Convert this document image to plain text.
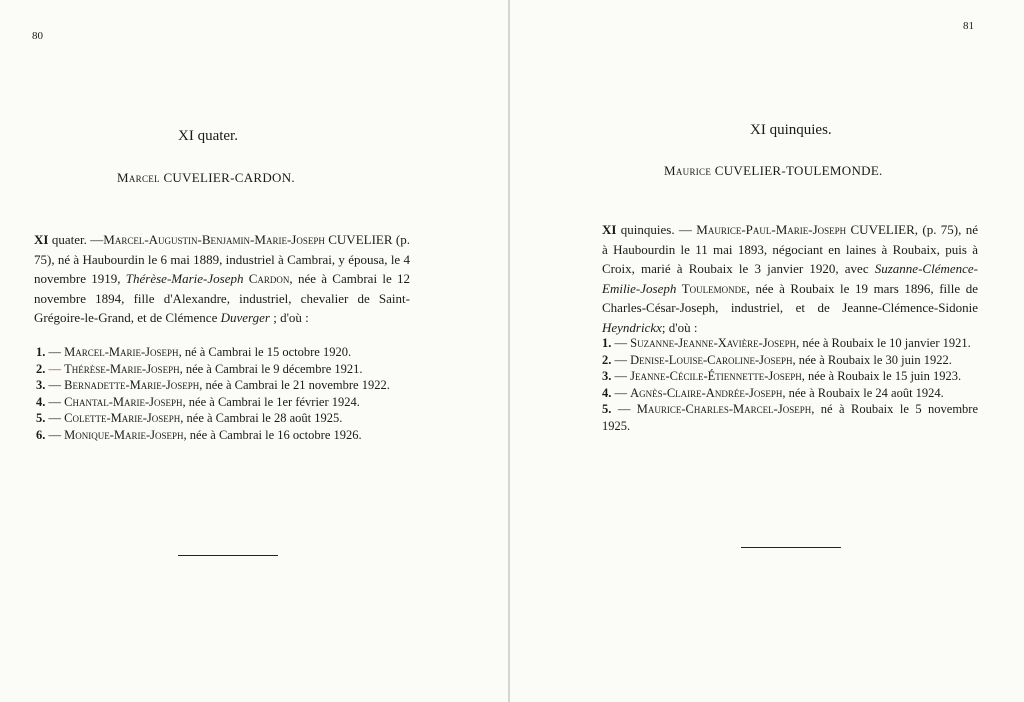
80
XI quater.
Marcel CUVELIER-CARDON.
XI quater. —Marcel-Augustin-Benjamin-Marie-Joseph CUVELIER (p. 75), né à Haubourdin le 6 mai 1889, industriel à Cambrai, y épousa, le 4 novembre 1919, Thérèse-Marie-Joseph Cardon, née à Cambrai le 12 novembre 1894, fille d'Alexandre, industriel, chevalier de Saint-Grégoire-le-Grand, et de Clémence Duverger ; d'où :

1. — Marcel-Marie-Joseph, né à Cambrai le 15 octobre 1920.

2. — Thérèse-Marie-Joseph, née à Cambrai le 9 décembre 1921.

3. — Bernadette-Marie-Joseph, née à Cambrai le 21 novembre 1922.

4. — Chantal-Marie-Joseph, née à Cambrai le 1er février 1924.

5. — Colette-Marie-Joseph, née à Cambrai le 28 août 1925.

6. — Monique-Marie-Joseph, née à Cambrai le 16 octobre 1926.

81
XI quinquies.
Maurice CUVELIER-TOULEMONDE.
XI quinquies. — Maurice-Paul-Marie-Joseph CUVELIER, (p. 75), né à Haubourdin le 11 mai 1893, négociant en laines à Roubaix, puis à Croix, marié à Roubaix le 3 janvier 1920, avec Suzanne-Clémence-Emilie-Joseph Toulemonde, née à Roubaix le 19 mars 1896, fille de Charles-César-Joseph, industriel, et de Jeanne-Clémence-Sidonie Heyndrickx; d'où :

1. — Suzanne-Jeanne-Xavière-Joseph, née à Roubaix le 10 janvier 1921.

2. — Denise-Louise-Caroline-Joseph, née à Roubaix le 30 juin 1922.

3. — Jeanne-Cécile-Étiennette-Joseph, née à Roubaix le 15 juin 1923.

4. — Agnès-Claire-Andrée-Joseph, née à Roubaix le 24 août 1924.

5. — Maurice-Charles-Marcel-Joseph, né à Roubaix le 5 novembre 1925.
